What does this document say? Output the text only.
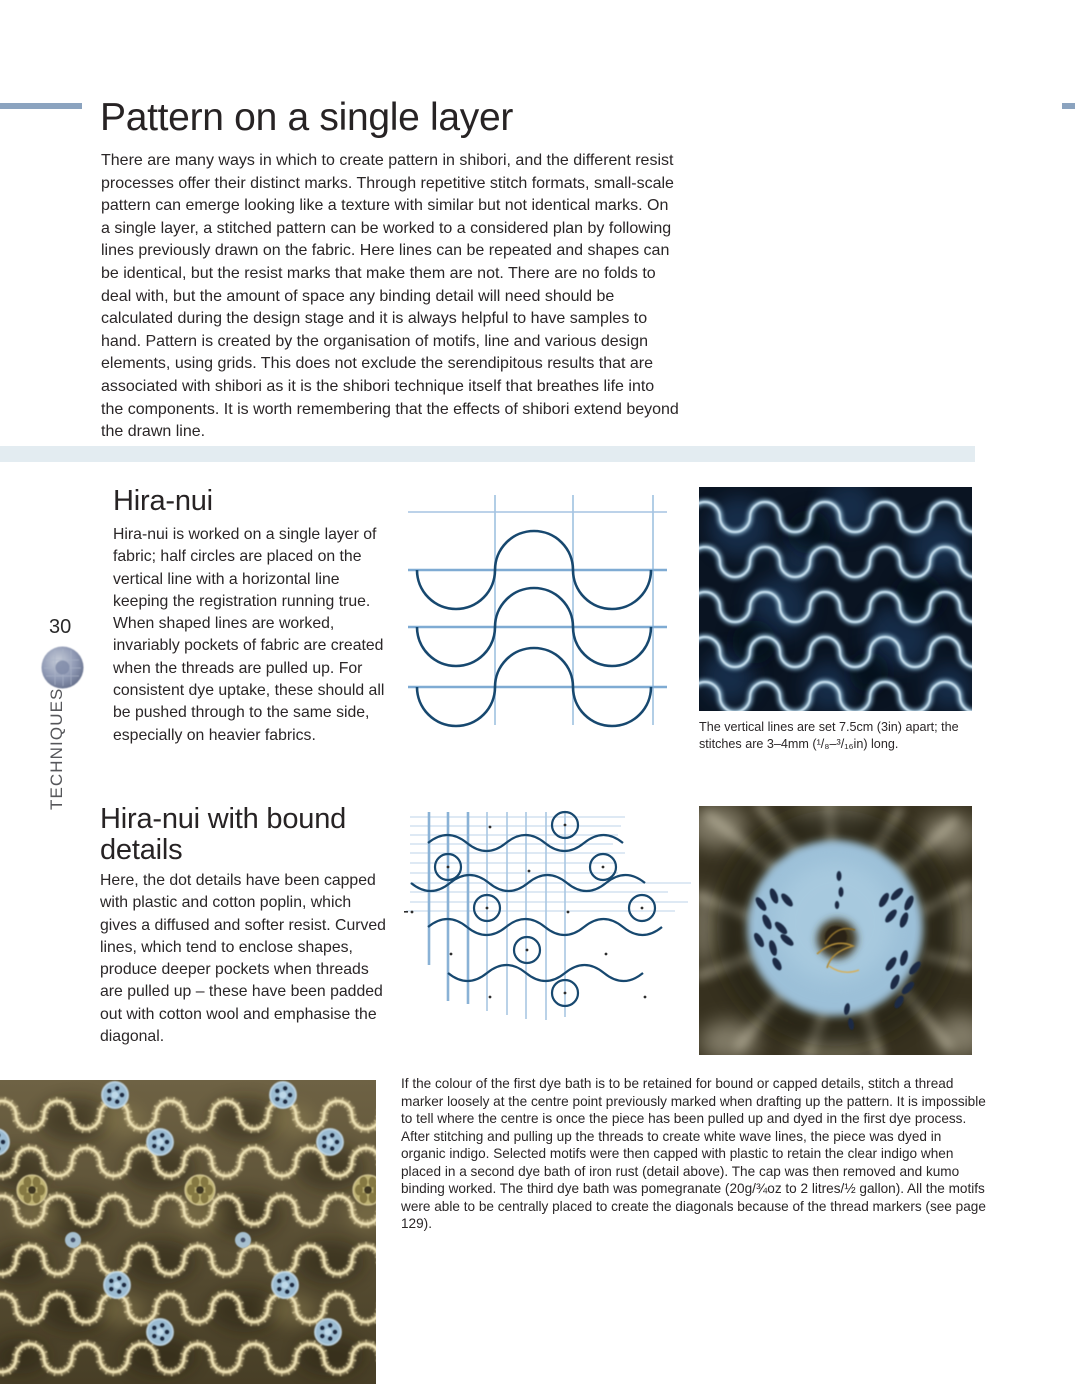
Pattern on a single layer

There are many ways in which to create pattern in shibori, and the different resist processes offer their distinct marks. Through repetitive stitch formats, small-scale pattern can emerge looking like a texture with similar but not identical marks. On a single layer, a stitched pattern can be worked to a considered plan by following lines previously drawn on the fabric. Here lines can be repeated and shapes can be identical, but the resist marks that make them are not. There are no folds to deal with, but the amount of space any binding detail will need should be calculated during the design stage and it is always helpful to have samples to hand. Pattern is created by the organisation of motifs, line and various design elements, using grids. This does not exclude the serendipitous results that are associated with shibori as it is the shibori technique itself that breathes life into the components. It is worth remembering that the effects of shibori extend beyond the drawn line.

30
TECHNIQUES
Hira-nui

Hira-nui is worked on a single layer of fabric; half circles are placed on the vertical line with a horizontal line keeping the registration running true. When shaped lines are worked, invariably pockets of fabric are created when the threads are pulled up. For consistent dye uptake, these should all be pushed through to the same side, especially on heavier fabrics.	The vertical lines are set 7.5cm (3in) apart; the stitches are 3–4mm (¹/₈–³/₁₆in) long.

Hira-nui with bound details

Here, the dot details have been capped with plastic and cotton poplin, which gives a diffused and softer resist. Curved lines, which tend to enclose shapes, produce deeper pockets when threads are pulled up – these have been padded out with cotton wool and emphasise the diagonal.

If the colour of the first dye bath is to be retained for bound or capped details, stitch a thread marker loosely at the centre point previously marked when drafting up the pattern. It is impossible to tell where the centre is once the piece has been pulled up and dyed in the first dye process. After stitching and pulling up the threads to create white wave lines, the piece was dyed in organic indigo. Selected motifs were then capped with plastic to retain the clear indigo when placed in a second dye bath of iron rust (detail above). The cap was then removed and kumo binding worked. The third dye bath was pomegranate (20g/¾oz to 2 litres/½ gallon). All the motifs were able to be centrally placed to create the diagonals because of the thread markers (see page 129).
